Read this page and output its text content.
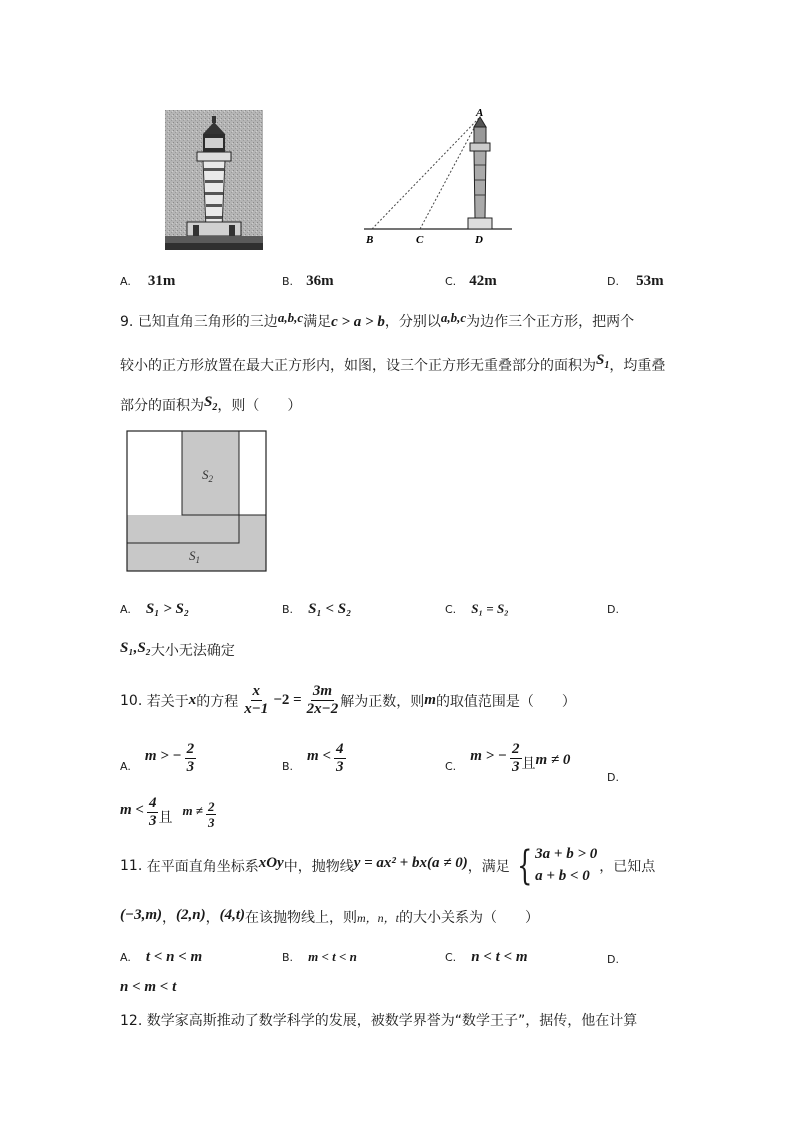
A
B	C	D
A. 31m	B. 36m	C. 42m	D. 53m
9. 已知直角三角形的三边a,b,c满足c > a > b，分别以a,b,c为边作三个正方形，把两个
较小的正方形放置在最大正方形内，如图，设三个正方形无重叠部分的面积为$S_1$，均重叠
部分的面积为$S_2$，则（　　）
$S_2$
$S_1$
A. S₁ > S₂	B. S₁ < S₂	C. S₁ = S₂	D.
S₁,S₂大小无法确定
10.
若关于 x 的方程 $\frac{x}{x-1} -2 = \frac{3m}{2x-2}$ 解为正数，则 m 的取值范围是（　　）
A.
m > − $\frac{2}{3}$	B.
$m < \frac{4}{3}$	C.
m > − $\frac{2}{3}$ 且 m ≠ 0
D.
$m < \frac{4}{3}$ 且 $m \ne \frac{2}{3}$
11.
在平面直角坐标系 xOy 中，抛物线 y = ax² + bx(a ≠ 0) ，满足 { 3a + b > 0
a + b < 0
，已知点
(−3,m)，(2,n)，(4,t)在该抛物线上，则m，n，t的大小关系为（　　）
A. t < n < m	B. m < t < n	C. n < t < m	D.
n < m < t
12. 数学家高斯推动了数学科学的发展，被数学界誉为“数学王子”，据传，他在计算
